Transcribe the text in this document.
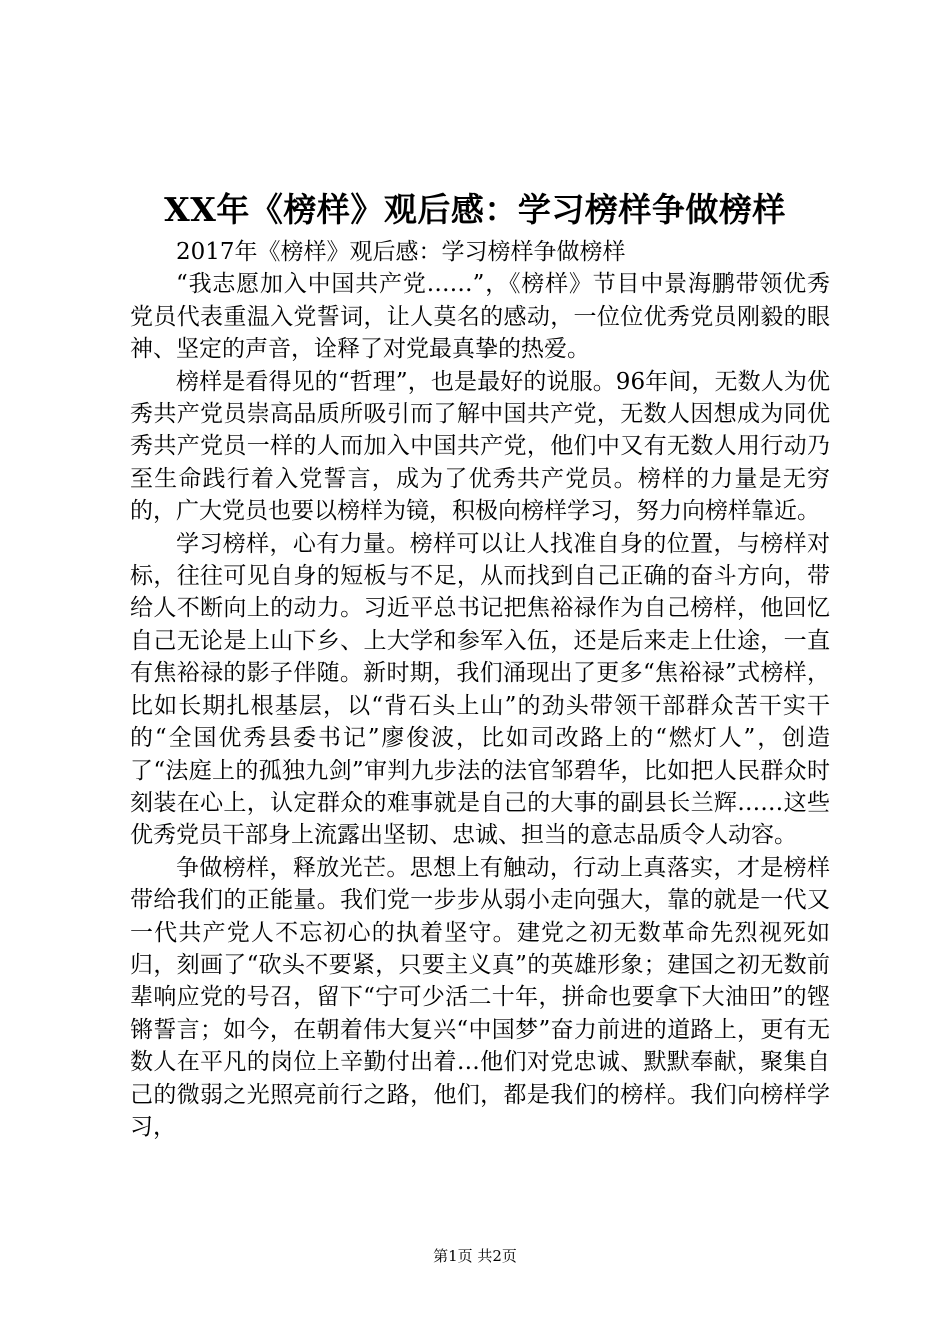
XX年《榜样》观后感：学习榜样争做榜样

2017年《榜样》观后感：学习榜样争做榜样

“我志愿加入中国共产党……”，《榜样》节目中景海鹏带领优秀党员代表重温入党誓词，让人莫名的感动，一位位优秀党员刚毅的眼神、坚定的声音，诠释了对党最真挚的热爱。

榜样是看得见的“哲理”，也是最好的说服。96年间，无数人为优秀共产党员崇高品质所吸引而了解中国共产党，无数人因想成为同优秀共产党员一样的人而加入中国共产党，他们中又有无数人用行动乃至生命践行着入党誓言，成为了优秀共产党员。榜样的力量是无穷的，广大党员也要以榜样为镜，积极向榜样学习，努力向榜样靠近。

学习榜样，心有力量。榜样可以让人找准自身的位置，与榜样对标，往往可见自身的短板与不足，从而找到自己正确的奋斗方向，带给人不断向上的动力。习近平总书记把焦裕禄作为自己榜样，他回忆自己无论是上山下乡、上大学和参军入伍，还是后来走上仕途，一直有焦裕禄的影子伴随。新时期，我们涌现出了更多“焦裕禄”式榜样，比如长期扎根基层，以“背石头上山”的劲头带领干部群众苦干实干的“全国优秀县委书记”廖俊波，比如司改路上的“燃灯人”，创造了“法庭上的孤独九剑”审判九步法的法官邹碧华，比如把人民群众时刻装在心上，认定群众的难事就是自己的大事的副县长兰辉……这些优秀党员干部身上流露出坚韧、忠诚、担当的意志品质令人动容。

争做榜样，释放光芒。思想上有触动，行动上真落实，才是榜样带给我们的正能量。我们党一步步从弱小走向强大，靠的就是一代又一代共产党人不忘初心的执着坚守。建党之初无数革命先烈视死如归，刻画了“砍头不要紧，只要主义真”的英雄形象；建国之初无数前辈响应党的号召，留下“宁可少活二十年，拼命也要拿下大油田”的铿锵誓言；如今，在朝着伟大复兴“中国梦”奋力前进的道路上，更有无数人在平凡的岗位上辛勤付出着…他们对党忠诚、默默奉献，聚集自己的微弱之光照亮前行之路，他们，都是我们的榜样。我们向榜样学习，

第1页 共2页
